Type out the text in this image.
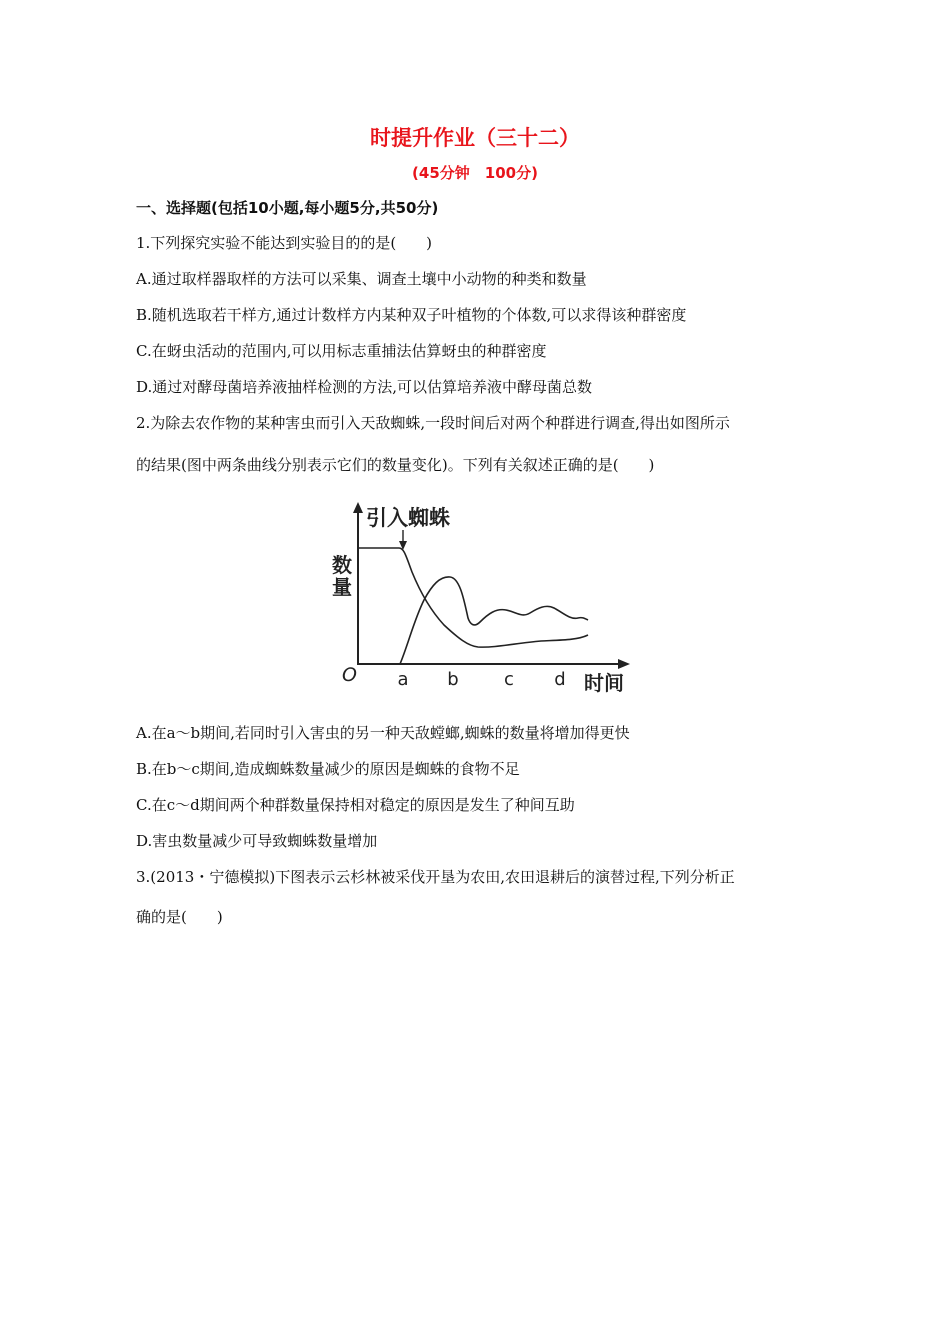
时提升作业（三十二）
(45分钟　100分)
一、选择题(包括10小题,每小题5分,共50分)
1.下列探究实验不能达到实验目的的是(　　)
A.通过取样器取样的方法可以采集、调查土壤中小动物的种类和数量
B.随机选取若干样方,通过计数样方内某种双子叶植物的个体数,可以求得该种群密度
C.在蚜虫活动的范围内,可以用标志重捕法估算蚜虫的种群密度
D.通过对酵母菌培养液抽样检测的方法,可以估算培养液中酵母菌总数
2.为除去农作物的某种害虫而引入天敌蜘蛛,一段时间后对两个种群进行调查,得出如图所示
的结果(图中两条曲线分别表示它们的数量变化)。下列有关叙述正确的是(　　)
引入蜘蛛
数
量
O a b	c d 时间
A.在a～b期间,若同时引入害虫的另一种天敌螳螂,蜘蛛的数量将增加得更快
B.在b～c期间,造成蜘蛛数量减少的原因是蜘蛛的食物不足
C.在c～d期间两个种群数量保持相对稳定的原因是发生了种间互助
D.害虫数量减少可导致蜘蛛数量增加
3.(2013・宁德模拟)下图表示云杉林被采伐开垦为农田,农田退耕后的演替过程,下列分析正
确的是(　　)
